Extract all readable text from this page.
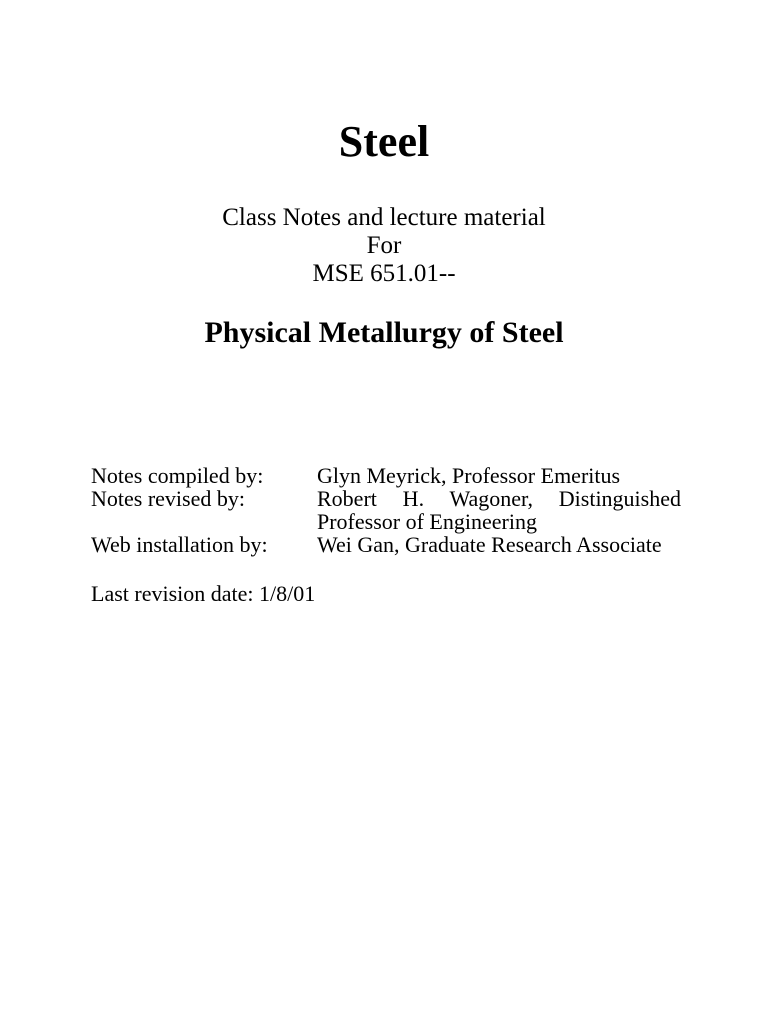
Steel
Class Notes and lecture material
For
MSE 651.01--
Physical Metallurgy of Steel
Notes compiled by:	Glyn Meyrick, Professor Emeritus
Notes revised by:	Robert H. Wagoner, Distinguished Professor of Engineering
Web installation by:	Wei Gan, Graduate Research Associate
Last revision date: 1/8/01
